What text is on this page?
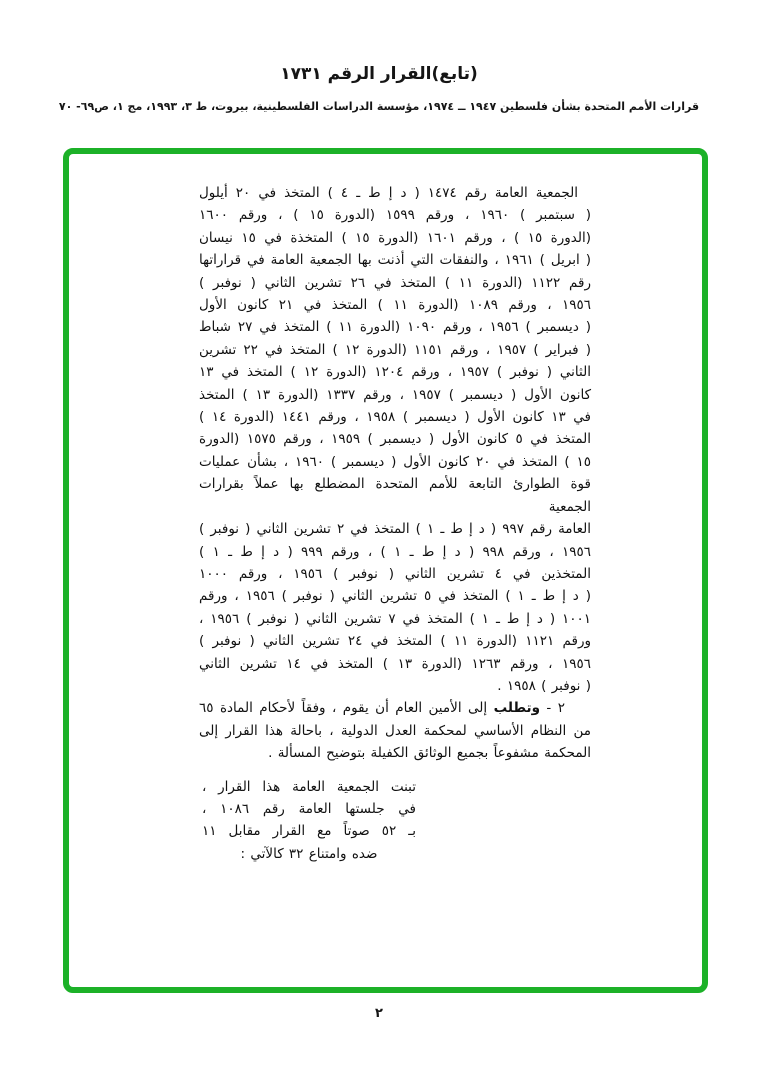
(تابع)القرار الرقم ١٧٣١
قرارات الأمم المتحدة بشأن فلسطين ١٩٤٧ ــ ١٩٧٤، مؤسسة الدراسات الفلسطينية، بيروت، ط ٣، ١٩٩٣، مج ١، ص٦٩- ٧٠
الجمعية العامة رقم ١٤٧٤ ( د إ ط ـ ٤ ) المتخذ في ٢٠ أيلول
( سبتمبر ) ١٩٦٠ ، ورقم ١٥٩٩ (الدورة ١٥ ) ، ورقم ١٦٠٠
(الدورة ١٥ ) ، ورقم ١٦٠١ (الدورة ١٥ ) المتخذة في ١٥ نيسان
( ابريل ) ١٩٦١ ، والنفقات التي أذنت بها الجمعية العامة في قراراتها
رقم ١١٢٢ (الدورة ١١ ) المتخذ في ٢٦ تشرين الثاني ( نوفبر )
١٩٥٦ ، ورقم ١٠٨٩ (الدورة ١١ ) المتخذ في ٢١ كانون الأول
( ديسمبر ) ١٩٥٦ ، ورقم ١٠٩٠ (الدورة ١١ ) المتخذ في ٢٧ شباط
( فبراير ) ١٩٥٧ ، ورقم ١١٥١ (الدورة ١٢ ) المتخذ في ٢٢ تشرين
الثاني ( نوفبر ) ١٩٥٧ ، ورقم ١٢٠٤ (الدورة ١٢ ) المتخذ في ١٣
كانون الأول ( ديسمبر ) ١٩٥٧ ، ورقم ١٣٣٧ (الدورة ١٣ ) المتخذ
في ١٣ كانون الأول ( ديسمبر ) ١٩٥٨ ، ورقم ١٤٤١ (الدورة ١٤ )
المتخذ في ٥ كانون الأول ( ديسمبر ) ١٩٥٩ ، ورقم ١٥٧٥ (الدورة
١٥ ) المتخذ في ٢٠ كانون الأول ( ديسمبر ) ١٩٦٠ ، بشأن عمليات
قوة الطوارئ التابعة للأمم المتحدة المضطلع بها عملاً بقرارات الجمعية
العامة رقم ٩٩٧ ( د إ ط ـ ١ ) المتخذ في ٢ تشرين الثاني ( نوفبر )
١٩٥٦ ، ورقم ٩٩٨ ( د إ ط ـ ١ ) ، ورقم ٩٩٩ ( د إ ط ـ ١ )
المتخذين في ٤ تشرين الثاني ( نوفبر ) ١٩٥٦ ، ورقم ١٠٠٠
( د إ ط ـ ١ ) المتخذ في ٥ تشرين الثاني ( نوفبر ) ١٩٥٦ ، ورقم
١٠٠١ ( د إ ط ـ ١ ) المتخذ في ٧ تشرين الثاني ( نوفبر ) ١٩٥٦ ،
ورقم ١١٢١ (الدورة ١١ ) المتخذ في ٢٤ تشرين الثاني ( نوفبر )
١٩٥٦ ، ورقم ١٢٦٣ (الدورة ١٣ ) المتخذ في ١٤ تشرين الثاني
( نوفبر ) ١٩٥٨ .
٢ - وتطلب إلى الأمين العام أن يقوم ، وفقاً لأحكام المادة ٦٥
من النظام الأساسي لمحكمة العدل الدولية ، باحالة هذا القرار إلى
المحكمة مشفوعاً بجميع الوثائق الكفيلة بتوضيح المسألة .
تبنت الجمعية العامة هذا القرار ،
في جلستها العامة رقم ١٠٨٦ ،
بـ ٥٢ صوتاً مع القرار مقابل ١١
ضده وامتناع ٣٢ كالآتي :
٢
